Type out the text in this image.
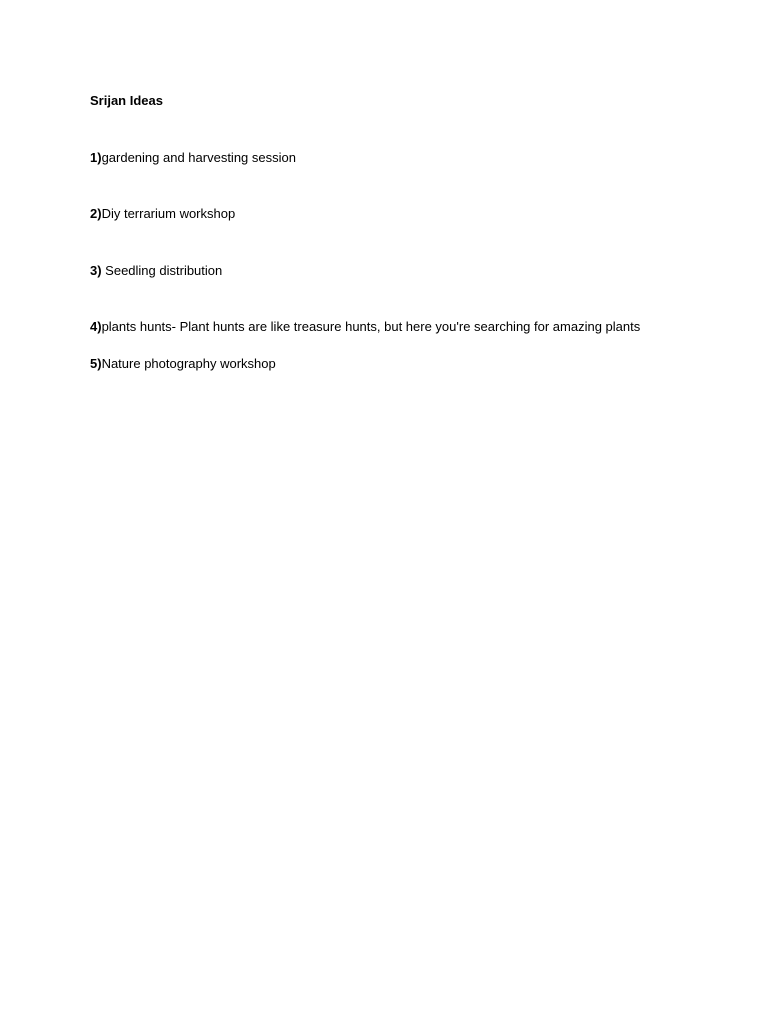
Srijan Ideas

1)gardening and harvesting session

2)Diy terrarium workshop

3) Seedling distribution

4)plants hunts- Plant hunts are like treasure hunts, but here you're searching for amazing plants

5)Nature photography workshop
